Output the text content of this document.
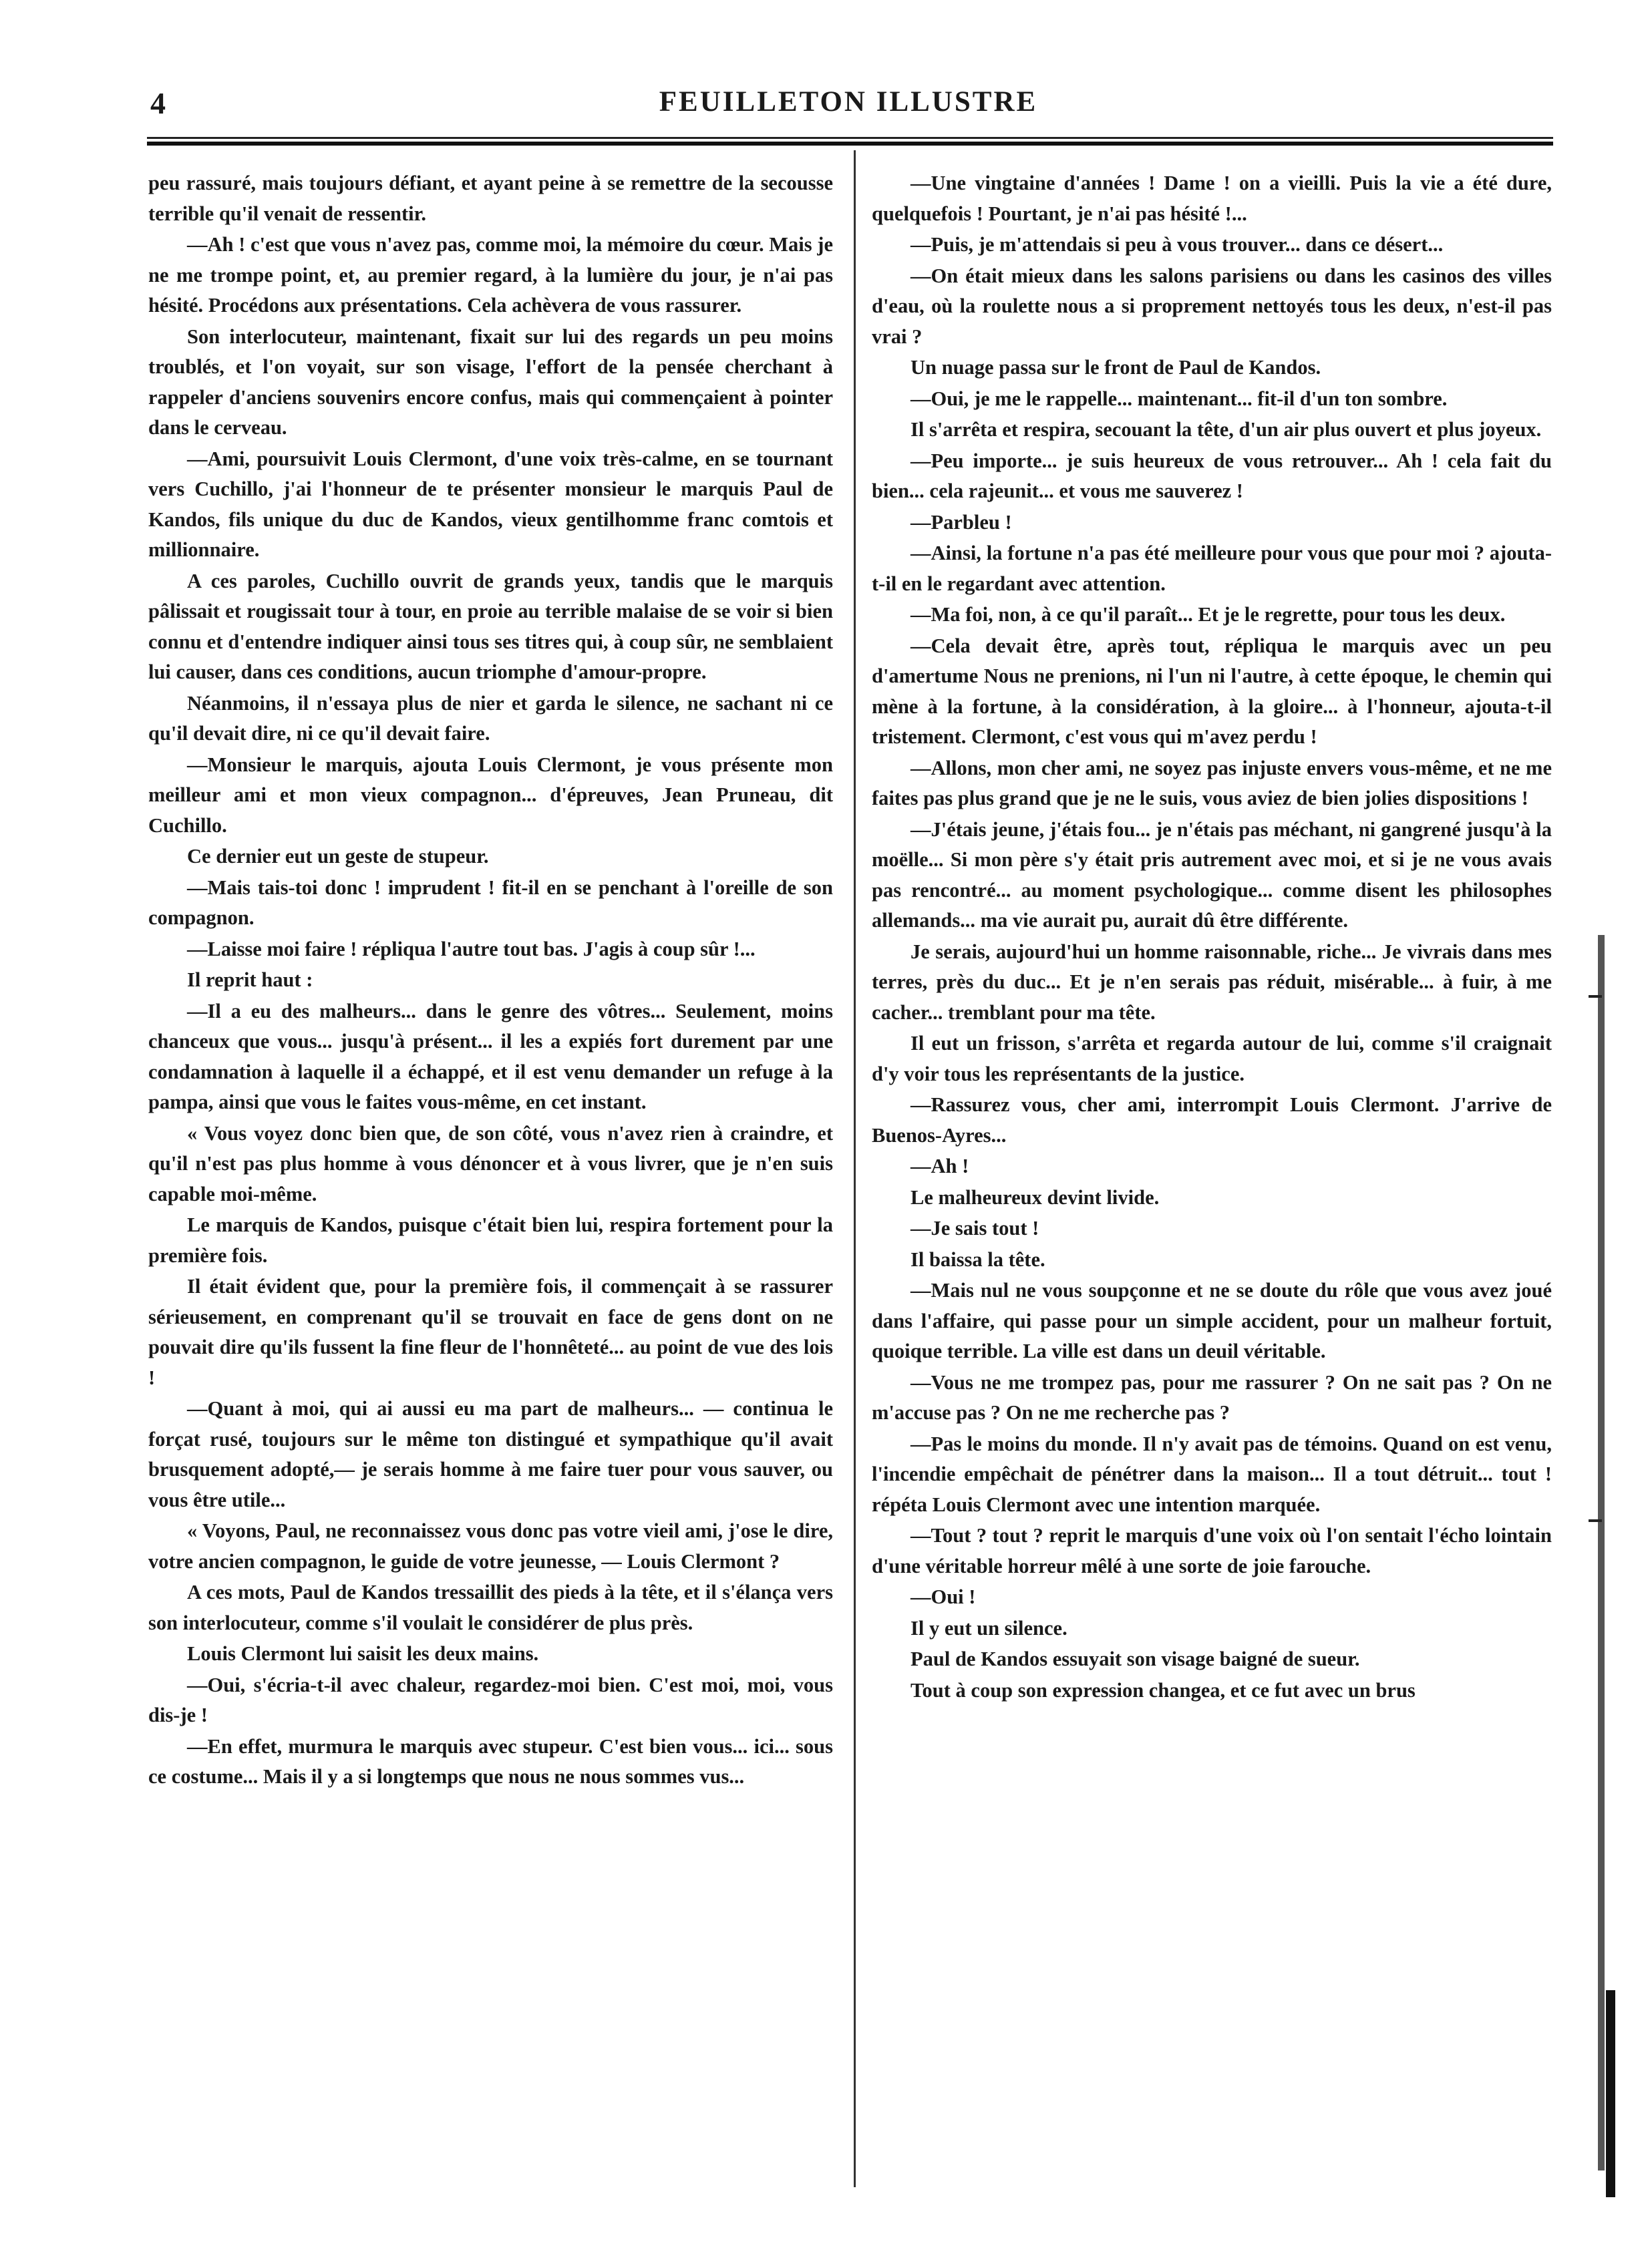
4	FEUILLETON ILLUSTRE

peu rassuré, mais toujours défiant, et ayant peine à se remettre de la secousse terrible qu'il venait de ressentir.

—Ah ! c'est que vous n'avez pas, comme moi, la mémoire du cœur. Mais je ne me trompe point, et, au premier regard, à la lumière du jour, je n'ai pas hésité. Procédons aux présentations. Cela achèvera de vous rassurer.

Son interlocuteur, maintenant, fixait sur lui des regards un peu moins troublés, et l'on voyait, sur son visage, l'effort de la pensée cherchant à rappeler d'anciens souvenirs encore confus, mais qui commençaient à pointer dans le cerveau.

—Ami, poursuivit Louis Clermont, d'une voix très-calme, en se tournant vers Cuchillo, j'ai l'honneur de te présenter monsieur le marquis Paul de Kandos, fils unique du duc de Kandos, vieux gentilhomme franc comtois et millionnaire.

A ces paroles, Cuchillo ouvrit de grands yeux, tandis que le marquis pâlissait et rougissait tour à tour, en proie au terrible malaise de se voir si bien connu et d'entendre indiquer ainsi tous ses titres qui, à coup sûr, ne semblaient lui causer, dans ces conditions, aucun triomphe d'amour-propre.

Néanmoins, il n'essaya plus de nier et garda le silence, ne sachant ni ce qu'il devait dire, ni ce qu'il devait faire.

—Monsieur le marquis, ajouta Louis Clermont, je vous présente mon meilleur ami et mon vieux compagnon... d'épreuves, Jean Pruneau, dit Cuchillo.

Ce dernier eut un geste de stupeur.

—Mais tais-toi donc ! imprudent ! fit-il en se penchant à l'oreille de son compagnon.

—Laisse moi faire ! répliqua l'autre tout bas. J'agis à coup sûr !...

Il reprit haut :

—Il a eu des malheurs... dans le genre des vôtres... Seulement, moins chanceux que vous... jusqu'à présent... il les a expiés fort durement par une condamnation à laquelle il a échappé, et il est venu demander un refuge à la pampa, ainsi que vous le faites vous-même, en cet instant.

« Vous voyez donc bien que, de son côté, vous n'avez rien à craindre, et qu'il n'est pas plus homme à vous dénoncer et à vous livrer, que je n'en suis capable moi-même.

Le marquis de Kandos, puisque c'était bien lui, respira fortement pour la première fois.

Il était évident que, pour la première fois, il commençait à se rassurer sérieusement, en comprenant qu'il se trouvait en face de gens dont on ne pouvait dire qu'ils fussent la fine fleur de l'honnêteté... au point de vue des lois !

—Quant à moi, qui ai aussi eu ma part de malheurs... — continua le forçat rusé, toujours sur le même ton distingué et sympathique qu'il avait brusquement adopté,— je serais homme à me faire tuer pour vous sauver, ou vous être utile...

« Voyons, Paul, ne reconnaissez vous donc pas votre vieil ami, j'ose le dire, votre ancien compagnon, le guide de votre jeunesse, — Louis Clermont ?

A ces mots, Paul de Kandos tressaillit des pieds à la tête, et il s'élança vers son interlocuteur, comme s'il voulait le considérer de plus près.

Louis Clermont lui saisit les deux mains.

—Oui, s'écria-t-il avec chaleur, regardez-moi bien. C'est moi, moi, vous dis-je !

—En effet, murmura le marquis avec stupeur. C'est bien vous... ici... sous ce costume... Mais il y a si longtemps que nous ne nous sommes vus...

—Une vingtaine d'années ! Dame ! on a vieilli. Puis la vie a été dure, quelquefois ! Pourtant, je n'ai pas hésité !...

—Puis, je m'attendais si peu à vous trouver... dans ce désert...

—On était mieux dans les salons parisiens ou dans les casinos des villes d'eau, où la roulette nous a si proprement nettoyés tous les deux, n'est-il pas vrai ?

Un nuage passa sur le front de Paul de Kandos.

—Oui, je me le rappelle... maintenant... fit-il d'un ton sombre.

Il s'arrêta et respira, secouant la tête, d'un air plus ouvert et plus joyeux.

—Peu importe... je suis heureux de vous retrouver... Ah ! cela fait du bien... cela rajeunit... et vous me sauverez !

—Parbleu !

—Ainsi, la fortune n'a pas été meilleure pour vous que pour moi ? ajouta-t-il en le regardant avec attention.

—Ma foi, non, à ce qu'il paraît... Et je le regrette, pour tous les deux.

—Cela devait être, après tout, répliqua le marquis avec un peu d'amertume Nous ne prenions, ni l'un ni l'autre, à cette époque, le chemin qui mène à la fortune, à la considération, à la gloire... à l'honneur, ajouta-t-il tristement. Clermont, c'est vous qui m'avez perdu !

—Allons, mon cher ami, ne soyez pas injuste envers vous-même, et ne me faites pas plus grand que je ne le suis, vous aviez de bien jolies dispositions !

—J'étais jeune, j'étais fou... je n'étais pas méchant, ni gangrené jusqu'à la moëlle... Si mon père s'y était pris autrement avec moi, et si je ne vous avais pas rencontré... au moment psychologique... comme disent les philosophes allemands... ma vie aurait pu, aurait dû être différente.

Je serais, aujourd'hui un homme raisonnable, riche... Je vivrais dans mes terres, près du duc... Et je n'en serais pas réduit, misérable... à fuir, à me cacher... tremblant pour ma tête.

Il eut un frisson, s'arrêta et regarda autour de lui, comme s'il craignait d'y voir tous les représentants de la justice.

—Rassurez vous, cher ami, interrompit Louis Clermont. J'arrive de Buenos-Ayres...

—Ah !

Le malheureux devint livide.

—Je sais tout !

Il baissa la tête.

—Mais nul ne vous soupçonne et ne se doute du rôle que vous avez joué dans l'affaire, qui passe pour un simple accident, pour un malheur fortuit, quoique terrible. La ville est dans un deuil véritable.

—Vous ne me trompez pas, pour me rassurer ? On ne sait pas ? On ne m'accuse pas ? On ne me recherche pas ?

—Pas le moins du monde. Il n'y avait pas de témoins. Quand on est venu, l'incendie empêchait de pénétrer dans la maison... Il a tout détruit... tout ! répéta Louis Clermont avec une intention marquée.

—Tout ? tout ? reprit le marquis d'une voix où l'on sentait l'écho lointain d'une véritable horreur mêlé à une sorte de joie farouche.

—Oui !

Il y eut un silence.

Paul de Kandos essuyait son visage baigné de sueur.

Tout à coup son expression changea, et ce fut avec un brus
